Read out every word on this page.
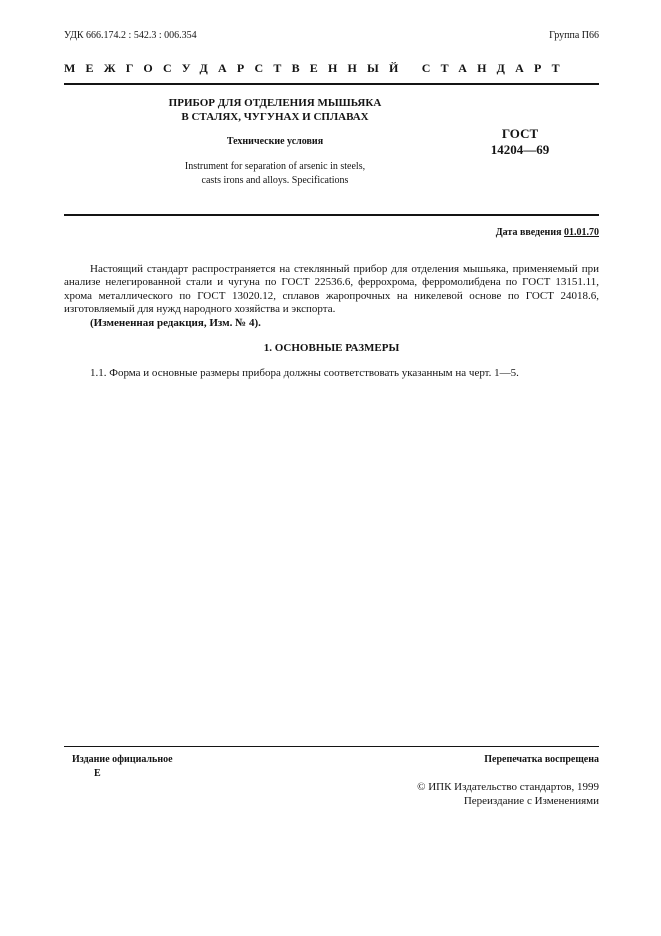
УДК 666.174.2 : 542.3 : 006.354	Группа П66
МЕЖГОСУДАРСТВЕННЫЙ СТАНДАРТ
ПРИБОР ДЛЯ ОТДЕЛЕНИЯ МЫШЬЯКА
В СТАЛЯХ, ЧУГУНАХ И СПЛАВАХ
Технические условия
Instrument for separation of arsenic in steels,
casts irons and alloys. Specifications
ГОСТ
14204—69
Дата введения 01.01.70

Настоящий стандарт распространяется на стеклянный прибор для отделения мышьяка, применяемый при анализе нелегированной стали и чугуна по ГОСТ 22536.6, феррохрома, ферромолибдена по ГОСТ 13151.11, хрома металлического по ГОСТ 13020.12, сплавов жаропрочных на никелевой основе по ГОСТ 24018.6, изготовляемый для нужд народного хозяйства и экспорта.

(Измененная редакция, Изм. № 4).

1. ОСНОВНЫЕ РАЗМЕРЫ
1.1. Форма и основные размеры прибора должны соответствовать указанным на черт. 1—5.
Издание официальное
Е
Перепечатка воспрещена
© ИПК Издательство стандартов, 1999
Переиздание с Изменениями
